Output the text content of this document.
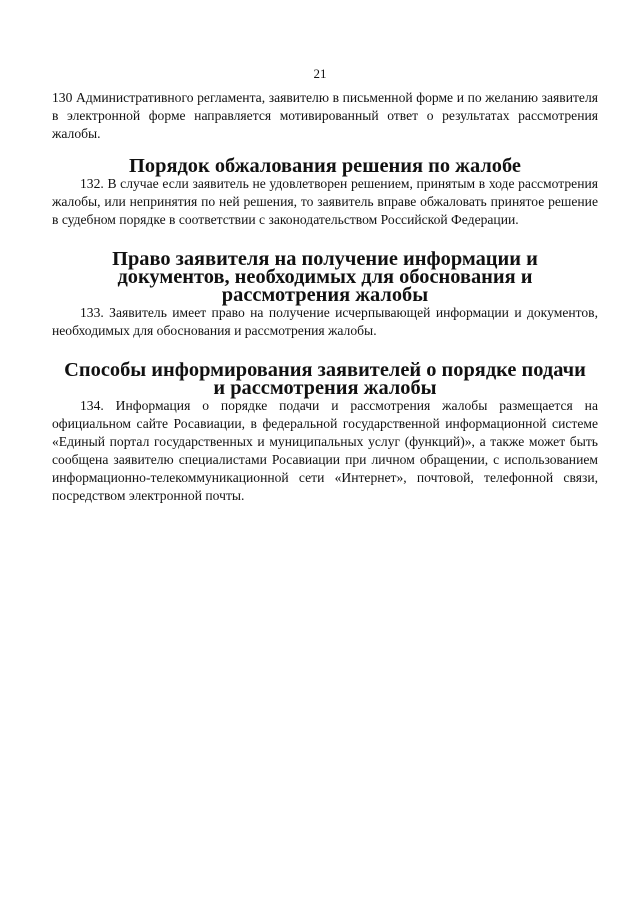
21

130 Административного регламента, заявителю в письменной форме и по желанию заявителя в электронной форме направляется мотивированный ответ о результатах рассмотрения жалобы.

Порядок обжалования решения по жалобе

132. В случае если заявитель не удовлетворен решением, принятым в ходе рассмотрения жалобы, или непринятия по ней решения, то заявитель вправе обжаловать принятое решение в судебном порядке в соответствии с законодательством Российской Федерации.

Право заявителя на получение информации и документов, необходимых для обоснования и рассмотрения жалобы

133. Заявитель имеет право на получение исчерпывающей информации и документов, необходимых для обоснования и рассмотрения жалобы.

Способы информирования заявителей о порядке подачи и рассмотрения жалобы

134. Информация о порядке подачи и рассмотрения жалобы размещается на официальном сайте Росавиации, в федеральной государственной информационной системе «Единый портал государственных и муниципальных услуг (функций)», а также может быть сообщена заявителю специалистами Росавиации при личном обращении, с использованием информационно-телекоммуникационной сети «Интернет», почтовой, телефонной связи, посредством электронной почты.
